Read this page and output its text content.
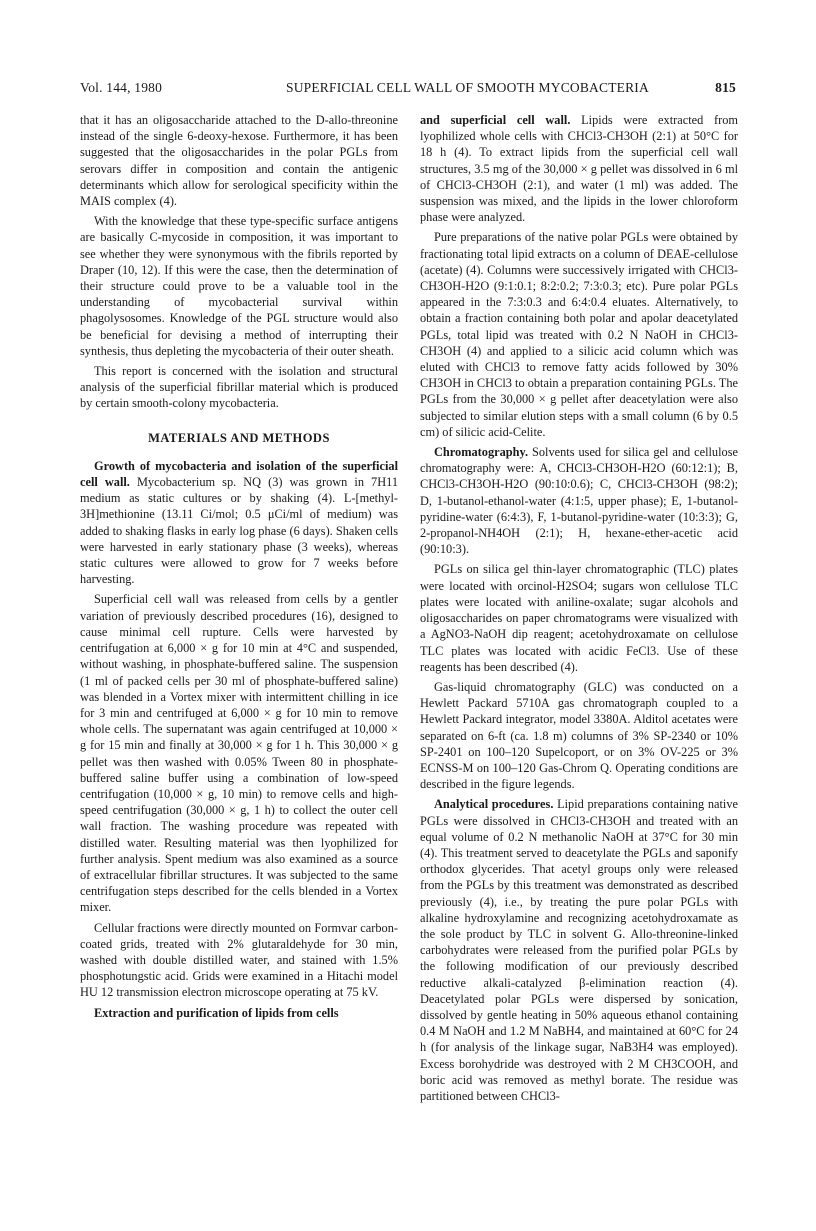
Vol. 144, 1980	SUPERFICIAL CELL WALL OF SMOOTH MYCOBACTERIA	815

that it has an oligosaccharide attached to the D-allo-threonine instead of the single 6-deoxy-hexose. Furthermore, it has been suggested that the oligosaccharides in the polar PGLs from serovars differ in composition and contain the antigenic determinants which allow for serological specificity within the MAIS complex (4).

With the knowledge that these type-specific surface antigens are basically C-mycoside in composition, it was important to see whether they were synonymous with the fibrils reported by Draper (10, 12). If this were the case, then the determination of their structure could prove to be a valuable tool in the understanding of mycobacterial survival within phagolysosomes. Knowledge of the PGL structure would also be beneficial for devising a method of interrupting their synthesis, thus depleting the mycobacteria of their outer sheath.

This report is concerned with the isolation and structural analysis of the superficial fibrillar material which is produced by certain smooth-colony mycobacteria.

MATERIALS AND METHODS

Growth of mycobacteria and isolation of the superficial cell wall. Mycobacterium sp. NQ (3) was grown in 7H11 medium as static cultures or by shaking (4). L-[methyl-3H]methionine (13.11 Ci/mol; 0.5 μCi/ml of medium) was added to shaking flasks in early log phase (6 days). Shaken cells were harvested in early stationary phase (3 weeks), whereas static cultures were allowed to grow for 7 weeks before harvesting.

Superficial cell wall was released from cells by a gentler variation of previously described procedures (16), designed to cause minimal cell rupture. Cells were harvested by centrifugation at 6,000 × g for 10 min at 4°C and suspended, without washing, in phosphate-buffered saline. The suspension (1 ml of packed cells per 30 ml of phosphate-buffered saline) was blended in a Vortex mixer with intermittent chilling in ice for 3 min and centrifuged at 6,000 × g for 10 min to remove whole cells. The supernatant was again centrifuged at 10,000 × g for 15 min and finally at 30,000 × g for 1 h. This 30,000 × g pellet was then washed with 0.05% Tween 80 in phosphate-buffered saline buffer using a combination of low-speed centrifugation (10,000 × g, 10 min) to remove cells and high-speed centrifugation (30,000 × g, 1 h) to collect the outer cell wall fraction. The washing procedure was repeated with distilled water. Resulting material was then lyophilized for further analysis. Spent medium was also examined as a source of extracellular fibrillar structures. It was subjected to the same centrifugation steps described for the cells blended in a Vortex mixer.

Cellular fractions were directly mounted on Formvar carbon-coated grids, treated with 2% glutaraldehyde for 30 min, washed with double distilled water, and stained with 1.5% phosphotungstic acid. Grids were examined in a Hitachi model HU 12 transmission electron microscope operating at 75 kV.

Extraction and purification of lipids from cells

and superficial cell wall. Lipids were extracted from lyophilized whole cells with CHCl3-CH3OH (2:1) at 50°C for 18 h (4). To extract lipids from the superficial cell wall structures, 3.5 mg of the 30,000 × g pellet was dissolved in 6 ml of CHCl3-CH3OH (2:1), and water (1 ml) was added. The suspension was mixed, and the lipids in the lower chloroform phase were analyzed.

Pure preparations of the native polar PGLs were obtained by fractionating total lipid extracts on a column of DEAE-cellulose (acetate) (4). Columns were successively irrigated with CHCl3-CH3OH-H2O (9:1:0.1; 8:2:0.2; 7:3:0.3; etc). Pure polar PGLs appeared in the 7:3:0.3 and 6:4:0.4 eluates. Alternatively, to obtain a fraction containing both polar and apolar deacetylated PGLs, total lipid was treated with 0.2 N NaOH in CHCl3-CH3OH (4) and applied to a silicic acid column which was eluted with CHCl3 to remove fatty acids followed by 30% CH3OH in CHCl3 to obtain a preparation containing PGLs. The PGLs from the 30,000 × g pellet after deacetylation were also subjected to similar elution steps with a small column (6 by 0.5 cm) of silicic acid-Celite.

Chromatography. Solvents used for silica gel and cellulose chromatography were: A, CHCl3-CH3OH-H2O (60:12:1); B, CHCl3-CH3OH-H2O (90:10:0.6); C, CHCl3-CH3OH (98:2); D, 1-butanol-ethanol-water (4:1:5, upper phase); E, 1-butanol-pyridine-water (6:4:3), F, 1-butanol-pyridine-water (10:3:3); G, 2-propanol-NH4OH (2:1); H, hexane-ether-acetic acid (90:10:3).

PGLs on silica gel thin-layer chromatographic (TLC) plates were located with orcinol-H2SO4; sugars won cellulose TLC plates were located with aniline-oxalate; sugar alcohols and oligosaccharides on paper chromatograms were visualized with a AgNO3-NaOH dip reagent; acetohydroxamate on cellulose TLC plates was located with acidic FeCl3. Use of these reagents has been described (4).

Gas-liquid chromatography (GLC) was conducted on a Hewlett Packard 5710A gas chromatograph coupled to a Hewlett Packard integrator, model 3380A. Alditol acetates were separated on 6-ft (ca. 1.8 m) columns of 3% SP-2340 or 10% SP-2401 on 100–120 Supelcoport, or on 3% OV-225 or 3% ECNSS-M on 100–120 Gas-Chrom Q. Operating conditions are described in the figure legends.

Analytical procedures. Lipid preparations containing native PGLs were dissolved in CHCl3-CH3OH and treated with an equal volume of 0.2 N methanolic NaOH at 37°C for 30 min (4). This treatment served to deacetylate the PGLs and saponify orthodox glycerides. That acetyl groups only were released from the PGLs by this treatment was demonstrated as described previously (4), i.e., by treating the pure polar PGLs with alkaline hydroxylamine and recognizing acetohydroxamate as the sole product by TLC in solvent G. Allo-threonine-linked carbohydrates were released from the purified polar PGLs by the following modification of our previously described reductive alkali-catalyzed β-elimination reaction (4). Deacetylated polar PGLs were dispersed by sonication, dissolved by gentle heating in 50% aqueous ethanol containing 0.4 M NaOH and 1.2 M NaBH4, and maintained at 60°C for 24 h (for analysis of the linkage sugar, NaB3H4 was employed). Excess borohydride was destroyed with 2 M CH3COOH, and boric acid was removed as methyl borate. The residue was partitioned between CHCl3-
